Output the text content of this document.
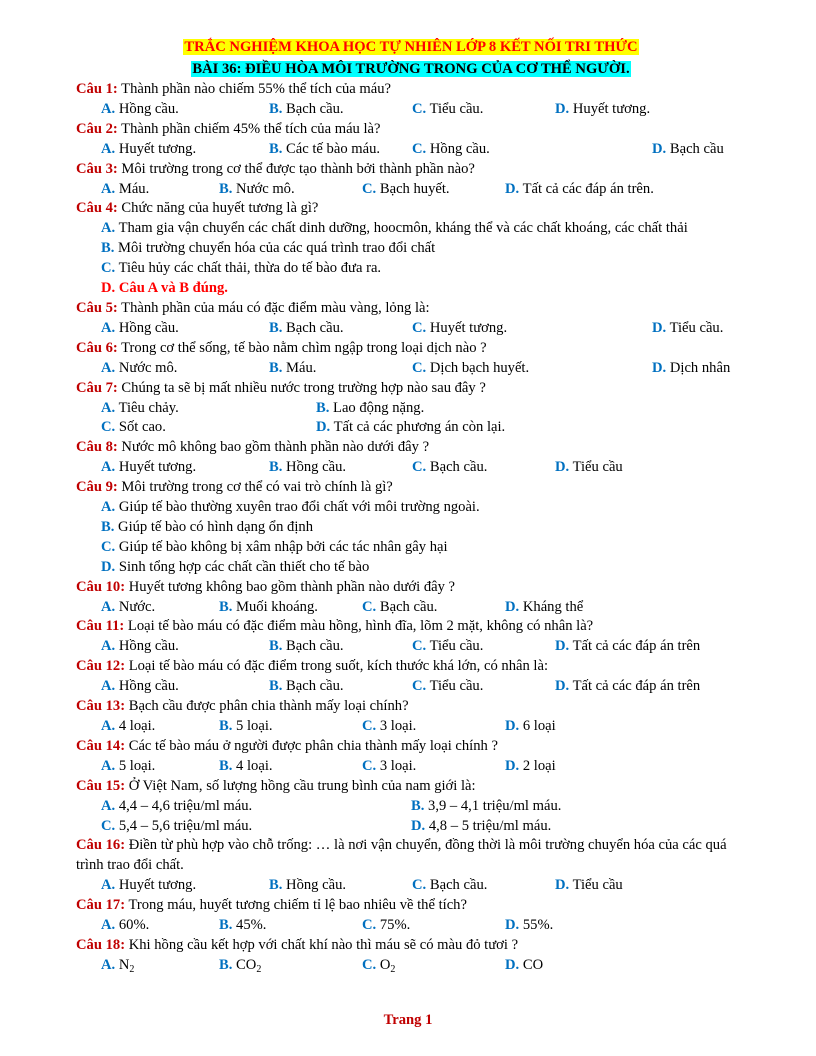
TRẮC NGHIỆM KHOA HỌC TỰ NHIÊN LỚP 8 KẾT NỐI TRI THỨC
BÀI 36: ĐIỀU HÒA MÔI TRƯỜNG TRONG CỦA CƠ THỂ NGƯỜI.
Câu 1: Thành phần nào chiếm 55% thể tích của máu?
A. Hồng cầu.	B. Bạch cầu.	C. Tiểu cầu.	D. Huyết tương.
Câu 2: Thành phần chiếm 45% thể tích của máu là?
A. Huyết tương.	B. Các tế bào máu.	C. Hồng cầu.	D. Bạch cầu
Câu 3: Môi trường trong cơ thể được tạo thành bởi thành phần nào?
A. Máu.	B. Nước mô.	C. Bạch huyết.	D. Tất cả các đáp án trên.
Câu 4: Chức năng của huyết tương là gì?
A. Tham gia vận chuyển các chất dinh dưỡng, hoocmôn, kháng thể và các chất khoáng, các chất thải
B. Môi trường chuyển hóa của các quá trình trao đổi chất
C. Tiêu hủy các chất thải, thừa do tế bào đưa ra.
D. Câu A và B đúng.
Câu 5: Thành phần của máu có đặc điểm màu vàng, lỏng là:
A. Hồng cầu.	B. Bạch cầu.	C. Huyết tương.	D. Tiểu cầu.
Câu 6: Trong cơ thể sống, tế bào nằm chìm ngập trong loại dịch nào ?
A. Nước mô.	B. Máu.	C. Dịch bạch huyết.	D. Dịch nhân
Câu 7: Chúng ta sẽ bị mất nhiều nước trong trường hợp nào sau đây ?
A. Tiêu chảy.	B. Lao động nặng.
C. Sốt cao.	D. Tất cả các phương án còn lại.
Câu 8: Nước mô không bao gồm thành phần nào dưới đây ?
A. Huyết tương.	B. Hồng cầu.	C. Bạch cầu.	D. Tiểu cầu
Câu 9: Môi trường trong cơ thể có vai trò chính là gì?
A. Giúp tế bào thường xuyên trao đổi chất với môi trường ngoài.
B. Giúp tế bào có hình dạng ổn định
C. Giúp tế bào không bị xâm nhập bởi các tác nhân gây hại
D. Sinh tổng hợp các chất cần thiết cho tế bào
Câu 10: Huyết tương không bao gồm thành phần nào dưới đây ?
A. Nước.	B. Muối khoáng.	C. Bạch cầu.	D. Kháng thể
Câu 11: Loại tế bào máu có đặc điểm màu hồng, hình đĩa, lõm 2 mặt, không có nhân là?
A. Hồng cầu.	B. Bạch cầu.	C. Tiểu cầu.	D. Tất cả các đáp án trên
Câu 12: Loại tế bào máu có đặc điểm trong suốt, kích thước khá lớn, có nhân là:
A. Hồng cầu.	B. Bạch cầu.	C. Tiểu cầu.	D. Tất cả các đáp án trên
Câu 13: Bạch cầu được phân chia thành mấy loại chính?
A. 4 loại.	B. 5 loại.	C. 3 loại.	D. 6 loại
Câu 14: Các tế bào máu ở người được phân chia thành mấy loại chính ?
A. 5 loại.	B. 4 loại.	C. 3 loại.	D. 2 loại
Câu 15: Ở Việt Nam, số lượng hồng cầu trung bình của nam giới là:
A. 4,4 – 4,6 triệu/ml máu.	B. 3,9 – 4,1 triệu/ml máu.
C. 5,4 – 5,6 triệu/ml máu.	D. 4,8 – 5 triệu/ml máu.
Câu 16: Điền từ phù hợp vào chỗ trống: … là nơi vận chuyển, đồng thời là môi trường chuyển hóa của các quá trình trao đổi chất.
A. Huyết tương.	B. Hồng cầu.	C. Bạch cầu.	D. Tiểu cầu
Câu 17: Trong máu, huyết tương chiếm tỉ lệ bao nhiêu về thể tích?
A. 60%.	B. 45%.	C. 75%.	D. 55%.
Câu 18: Khi hồng cầu kết hợp với chất khí nào thì máu sẽ có màu đỏ tươi ?
A. $N_2$	B. $CO_2$	C. $O_2$	D. CO
Trang 1
